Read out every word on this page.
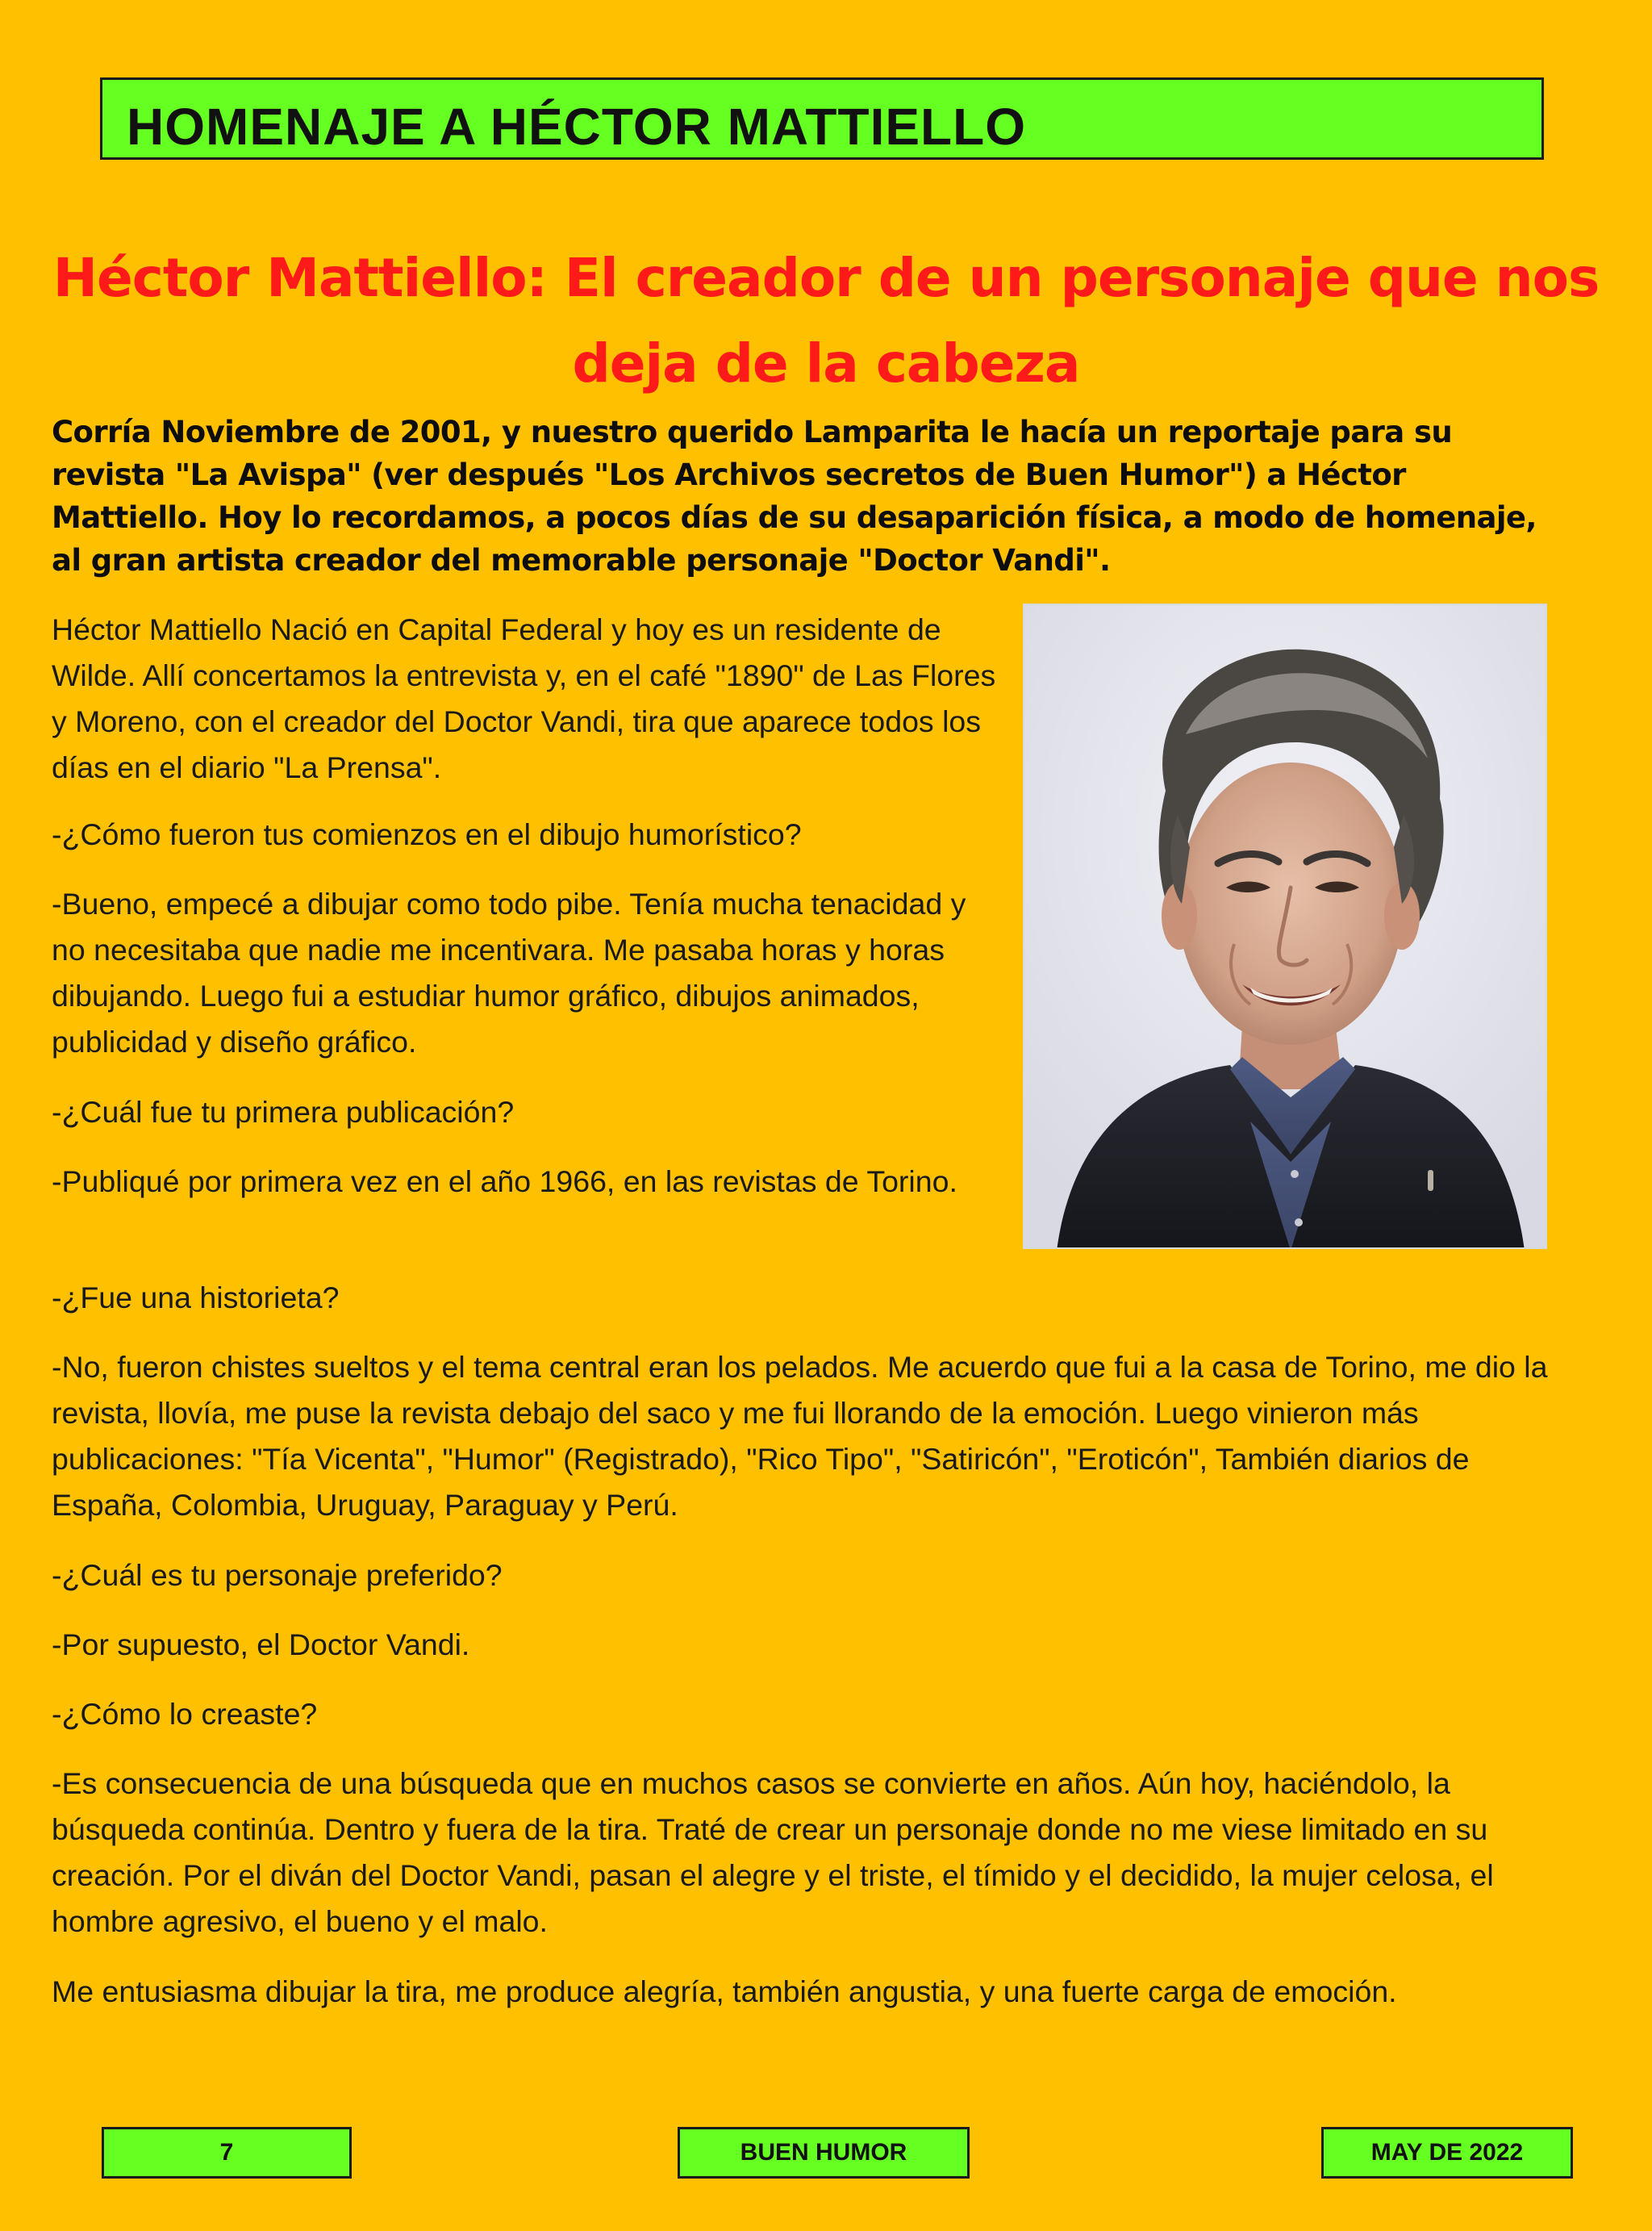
HOMENAJE A HÉCTOR MATTIELLO
Héctor Mattiello: El creador de un personaje que nos deja de la cabeza

Corría Noviembre de 2001, y nuestro querido Lamparita le hacía un reportaje para su revista "La Avispa" (ver después "Los Archivos secretos de Buen Humor") a Héctor Mattiello. Hoy lo recordamos, a pocos días de su desaparición física, a modo de homenaje, al gran artista creador del memorable personaje "Doctor Vandi".

Héctor Mattiello Nació en Capital Federal y hoy es un residente de Wilde. Allí concertamos la entrevista y, en el café "1890" de Las Flores y Moreno, con el creador del Doctor Vandi, tira que aparece todos los días en el diario "La Prensa".

-¿Cómo fueron tus comienzos en el dibujo humorístico?

-Bueno, empecé a dibujar como todo pibe. Tenía mucha tenacidad y no necesitaba que nadie me incentivara. Me pasaba horas y horas dibujando. Luego fui a estudiar humor gráfico, dibujos animados, publicidad y diseño gráfico.

-¿Cuál fue tu primera publicación?

-Publiqué por primera vez en el año 1966, en las revistas de Torino.

-¿Fue una historieta?

-No, fueron chistes sueltos y el tema central eran los pelados. Me acuerdo que fui a la casa de Torino, me dio la revista, llovía, me puse la revista debajo del saco y me fui llorando de la emoción. Luego vinieron más publicaciones: "Tía Vicenta", "Humor" (Registrado), "Rico Tipo", "Satiricón", "Eroticón", También diarios de España, Colombia, Uruguay, Paraguay y Perú.

-¿Cuál es tu personaje preferido?

-Por supuesto, el Doctor Vandi.

-¿Cómo lo creaste?

-Es consecuencia de una búsqueda que en muchos casos se convierte en años. Aún hoy, haciéndolo, la búsqueda continúa. Dentro y fuera de la tira. Traté de crear un personaje donde no me viese limitado en su creación. Por el diván del Doctor Vandi, pasan el alegre y el triste, el tímido y el decidido, la mujer celosa, el hombre agresivo, el bueno y el malo.

Me entusiasma dibujar la tira, me produce alegría, también angustia, y una fuerte carga de emoción.

7	BUEN HUMOR	MAY DE 2022
